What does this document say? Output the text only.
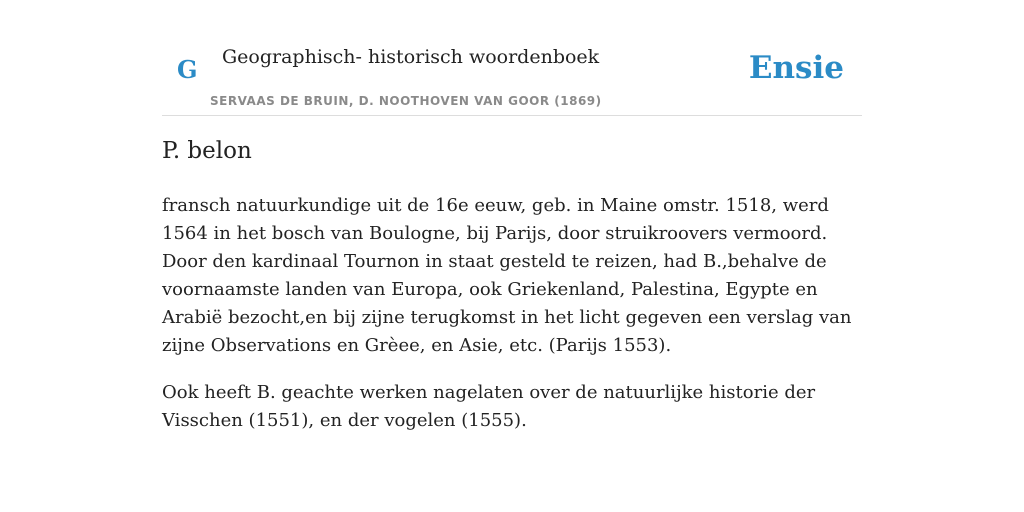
G Geographisch- historisch woordenboek
SERVAAS DE BRUIN, D. NOOTHOVEN VAN GOOR (1869)
Ensie
P. belon

fransch natuurkundige uit de 16e eeuw, geb. in Maine omstr. 1518, werd 1564 in het bosch van Boulogne, bij Parijs, door struikroovers vermoord. Door den kardinaal Tournon in staat gesteld te reizen, had B.,behalve de voornaamste landen van Europa, ook Griekenland, Palestina, Egypte en Arabië bezocht,en bij zijne terugkomst in het licht gegeven een verslag van zijne Observations en Grèee, en Asie, etc. (Parijs 1553).

Ook heeft B. geachte werken nagelaten over de natuurlijke historie der Visschen (1551), en der vogelen (1555).
